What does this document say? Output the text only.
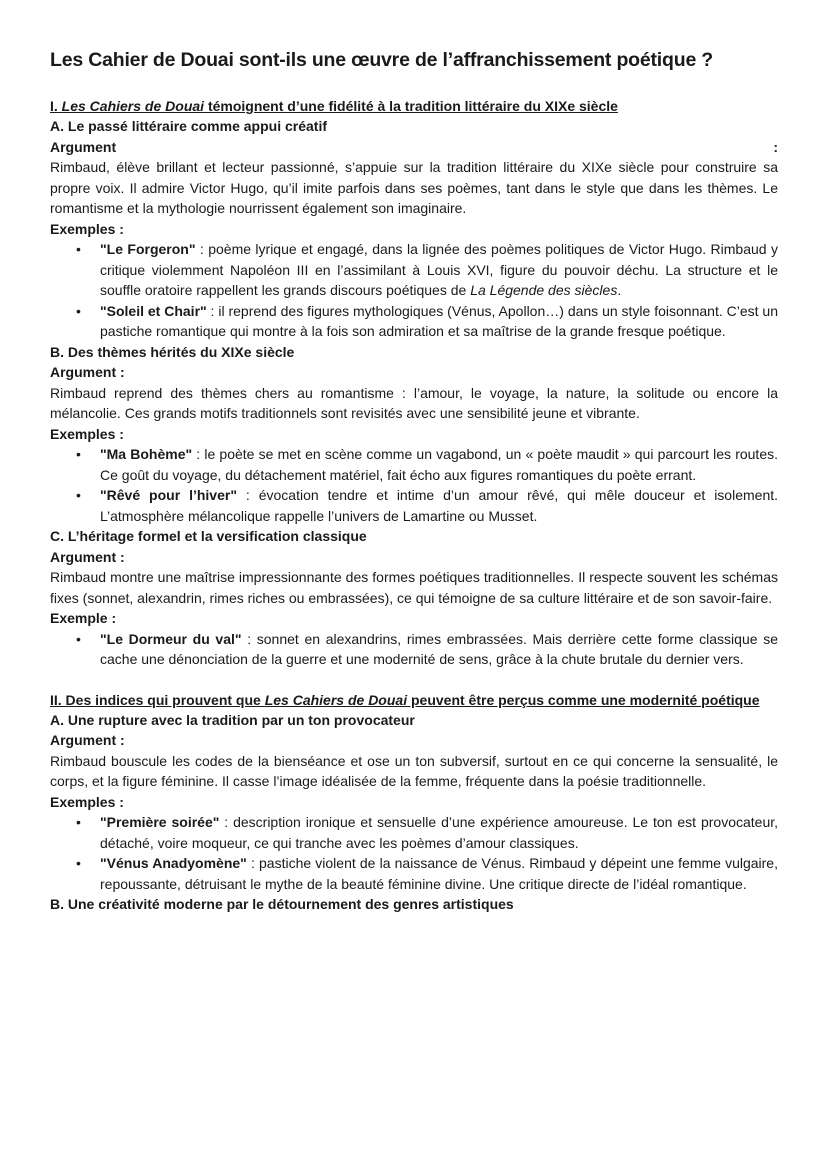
Les Cahier de Douai sont-ils une œuvre de l’affranchissement poétique ?

I. Les Cahiers de Douai témoignent d’une fidélité à la tradition littéraire du XIXe siècle

A. Le passé littéraire comme appui créatif

Argument	:

Rimbaud, élève brillant et lecteur passionné, s’appuie sur la tradition littéraire du XIXe siècle pour construire sa propre voix. Il admire Victor Hugo, qu’il imite parfois dans ses poèmes, tant dans le style que dans les thèmes. Le romantisme et la mythologie nourrissent également son imaginaire.

Exemples :

• "Le Forgeron" : poème lyrique et engagé, dans la lignée des poèmes politiques de Victor Hugo. Rimbaud y critique violemment Napoléon III en l’assimilant à Louis XVI, figure du pouvoir déchu. La structure et le souffle oratoire rappellent les grands discours poétiques de La Légende des siècles.
• "Soleil et Chair" : il reprend des figures mythologiques (Vénus, Apollon…) dans un style foisonnant. C’est un pastiche romantique qui montre à la fois son admiration et sa maîtrise de la grande fresque poétique.

B. Des thèmes hérités du XIXe siècle

Argument :

Rimbaud reprend des thèmes chers au romantisme : l’amour, le voyage, la nature, la solitude ou encore la mélancolie. Ces grands motifs traditionnels sont revisités avec une sensibilité jeune et vibrante.

Exemples :

• "Ma Bohème" : le poète se met en scène comme un vagabond, un « poète maudit » qui parcourt les routes. Ce goût du voyage, du détachement matériel, fait écho aux figures romantiques du poète errant.
• "Rêvé pour l’hiver" : évocation tendre et intime d’un amour rêvé, qui mêle douceur et isolement. L’atmosphère mélancolique rappelle l’univers de Lamartine ou Musset.

C. L’héritage formel et la versification classique

Argument :

Rimbaud montre une maîtrise impressionnante des formes poétiques traditionnelles. Il respecte souvent les schémas fixes (sonnet, alexandrin, rimes riches ou embrassées), ce qui témoigne de sa culture littéraire et de son savoir-faire.

Exemple :

• "Le Dormeur du val" : sonnet en alexandrins, rimes embrassées. Mais derrière cette forme classique se cache une dénonciation de la guerre et une modernité de sens, grâce à la chute brutale du dernier vers.

II. Des indices qui prouvent que Les Cahiers de Douai peuvent être perçus comme une modernité poétique

A. Une rupture avec la tradition par un ton provocateur

Argument :

Rimbaud bouscule les codes de la bienséance et ose un ton subversif, surtout en ce qui concerne la sensualité, le corps, et la figure féminine. Il casse l’image idéalisée de la femme, fréquente dans la poésie traditionnelle.

Exemples :

• "Première soirée" : description ironique et sensuelle d’une expérience amoureuse. Le ton est provocateur, détaché, voire moqueur, ce qui tranche avec les poèmes d’amour classiques.
• "Vénus Anadyomène" : pastiche violent de la naissance de Vénus. Rimbaud y dépeint une femme vulgaire, repoussante, détruisant le mythe de la beauté féminine divine. Une critique directe de l’idéal romantique.

B. Une créativité moderne par le détournement des genres artistiques
